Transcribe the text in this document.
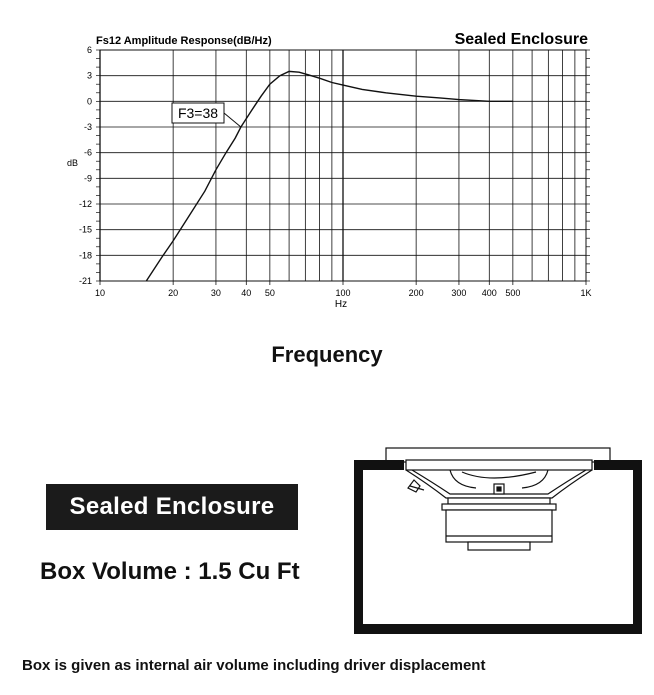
Fs12 Amplitude Response(dB/Hz)	Sealed Enclosure
6
3
0
-3
-6
-9
-12
-15
-18
-21
10	20	30 40 50	100	200	300 400 500	1K
dB
Hz
F3=38
Frequency
Sealed Enclosure
Box Volume : 1.5 Cu Ft
Box is given as internal air volume including driver displacement
